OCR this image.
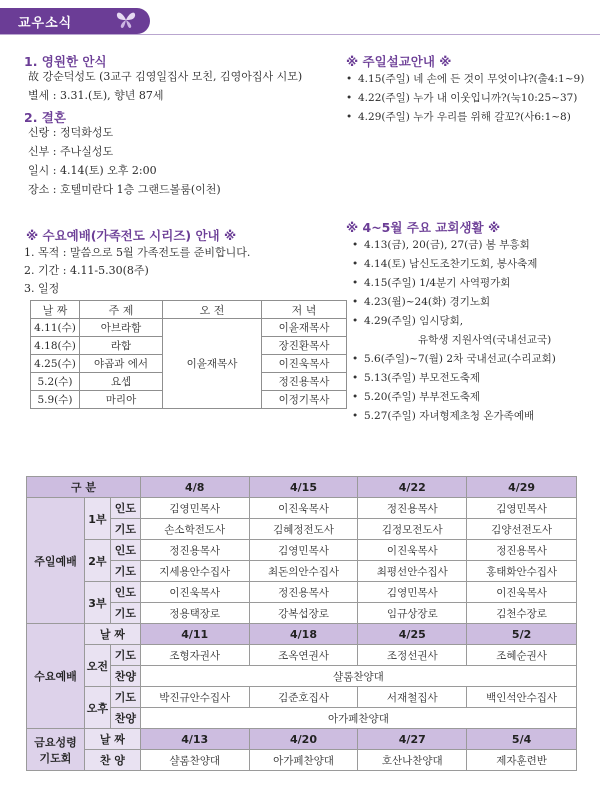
교우소식
1. 영원한 안식
故 강순덕성도 (3교구 김영일집사 모친, 김영아집사 시모)
별세 : 3.31.(토), 향년 87세
2. 결혼
신랑 : 정덕화성도
신부 : 주나실성도
일시 : 4.14(토) 오후 2:00
장소 : 호텔미란다 1층 그랜드볼룸(이천)
※ 주일설교안내 ※
• 4.15(주일) 네 손에 든 것이 무엇이냐?(출4:1~9)
• 4.22(주일) 누가 내 이웃입니까?(눅10:25~37)
• 4.29(주일) 누가 우리를 위해 갈꼬?(사6:1~8)
※ 수요예배(가족전도 시리즈) 안내 ※
1. 목적 : 말씀으로 5월 가족전도를 준비합니다.
2. 기간 : 4.11-5.30(8주)
3. 일정
날 짜	주 제	오 전	저 녁
4.11(수)	아브라함	이윤재목사	이윤재목사
4.18(수)	라합		장진환목사
4.25(수)	야곱과 에서		이진욱목사
5.2(수)	요셉		정진용목사
5.9(수)	마리아		이정기목사
※ 4~5월 주요 교회생활 ※
• 4.13(금), 20(금), 27(금) 봄 부흥회
• 4.14(토) 남신도조찬기도회, 봉사축제
• 4.15(주일) 1/4분기 사역평가회
• 4.23(월)~24(화) 경기노회
• 4.29(주일) 임시당회,
유학생 지원사역(국내선교국)
• 5.6(주일)~7(월) 2차 국내선교(수리교회)
• 5.13(주일) 부모전도축제
• 5.20(주일) 부부전도축제
• 5.27(주일) 자녀형제초청 온가족예배
구 분			4/8	4/15	4/22	4/29
주일예배	1부	인도	김영민목사	이진욱목사	정진용목사	김영민목사
		기도	손소학전도사	김혜정전도사	김정모전도사	김양선전도사
	2부	인도	정진용목사	김영민목사	이진욱목사	정진용목사
		기도	지세용안수집사	최돈의안수집사	최평선안수집사	홍태화안수집사
	3부	인도	이진욱목사	정진용목사	김영민목사	이진욱목사
		기도	정용택장로	강복섭장로	임규상장로	김천수장로
수요예배	날 짜		4/11	4/18	4/25	5/2
	오전	기도	조형자권사	조옥연권사	조정선권사	조혜순권사
		찬양	샬롬찬양대			
	오후	기도	박진규안수집사	김준호집사	서재철집사	백인석안수집사
		찬양	아가페찬양대			

금요성령
기도회	날 짜		4/13	4/20	4/27	5/4
	찬 양		샬롬찬양대	아가페찬양대	호산나찬양대	제자훈련반
